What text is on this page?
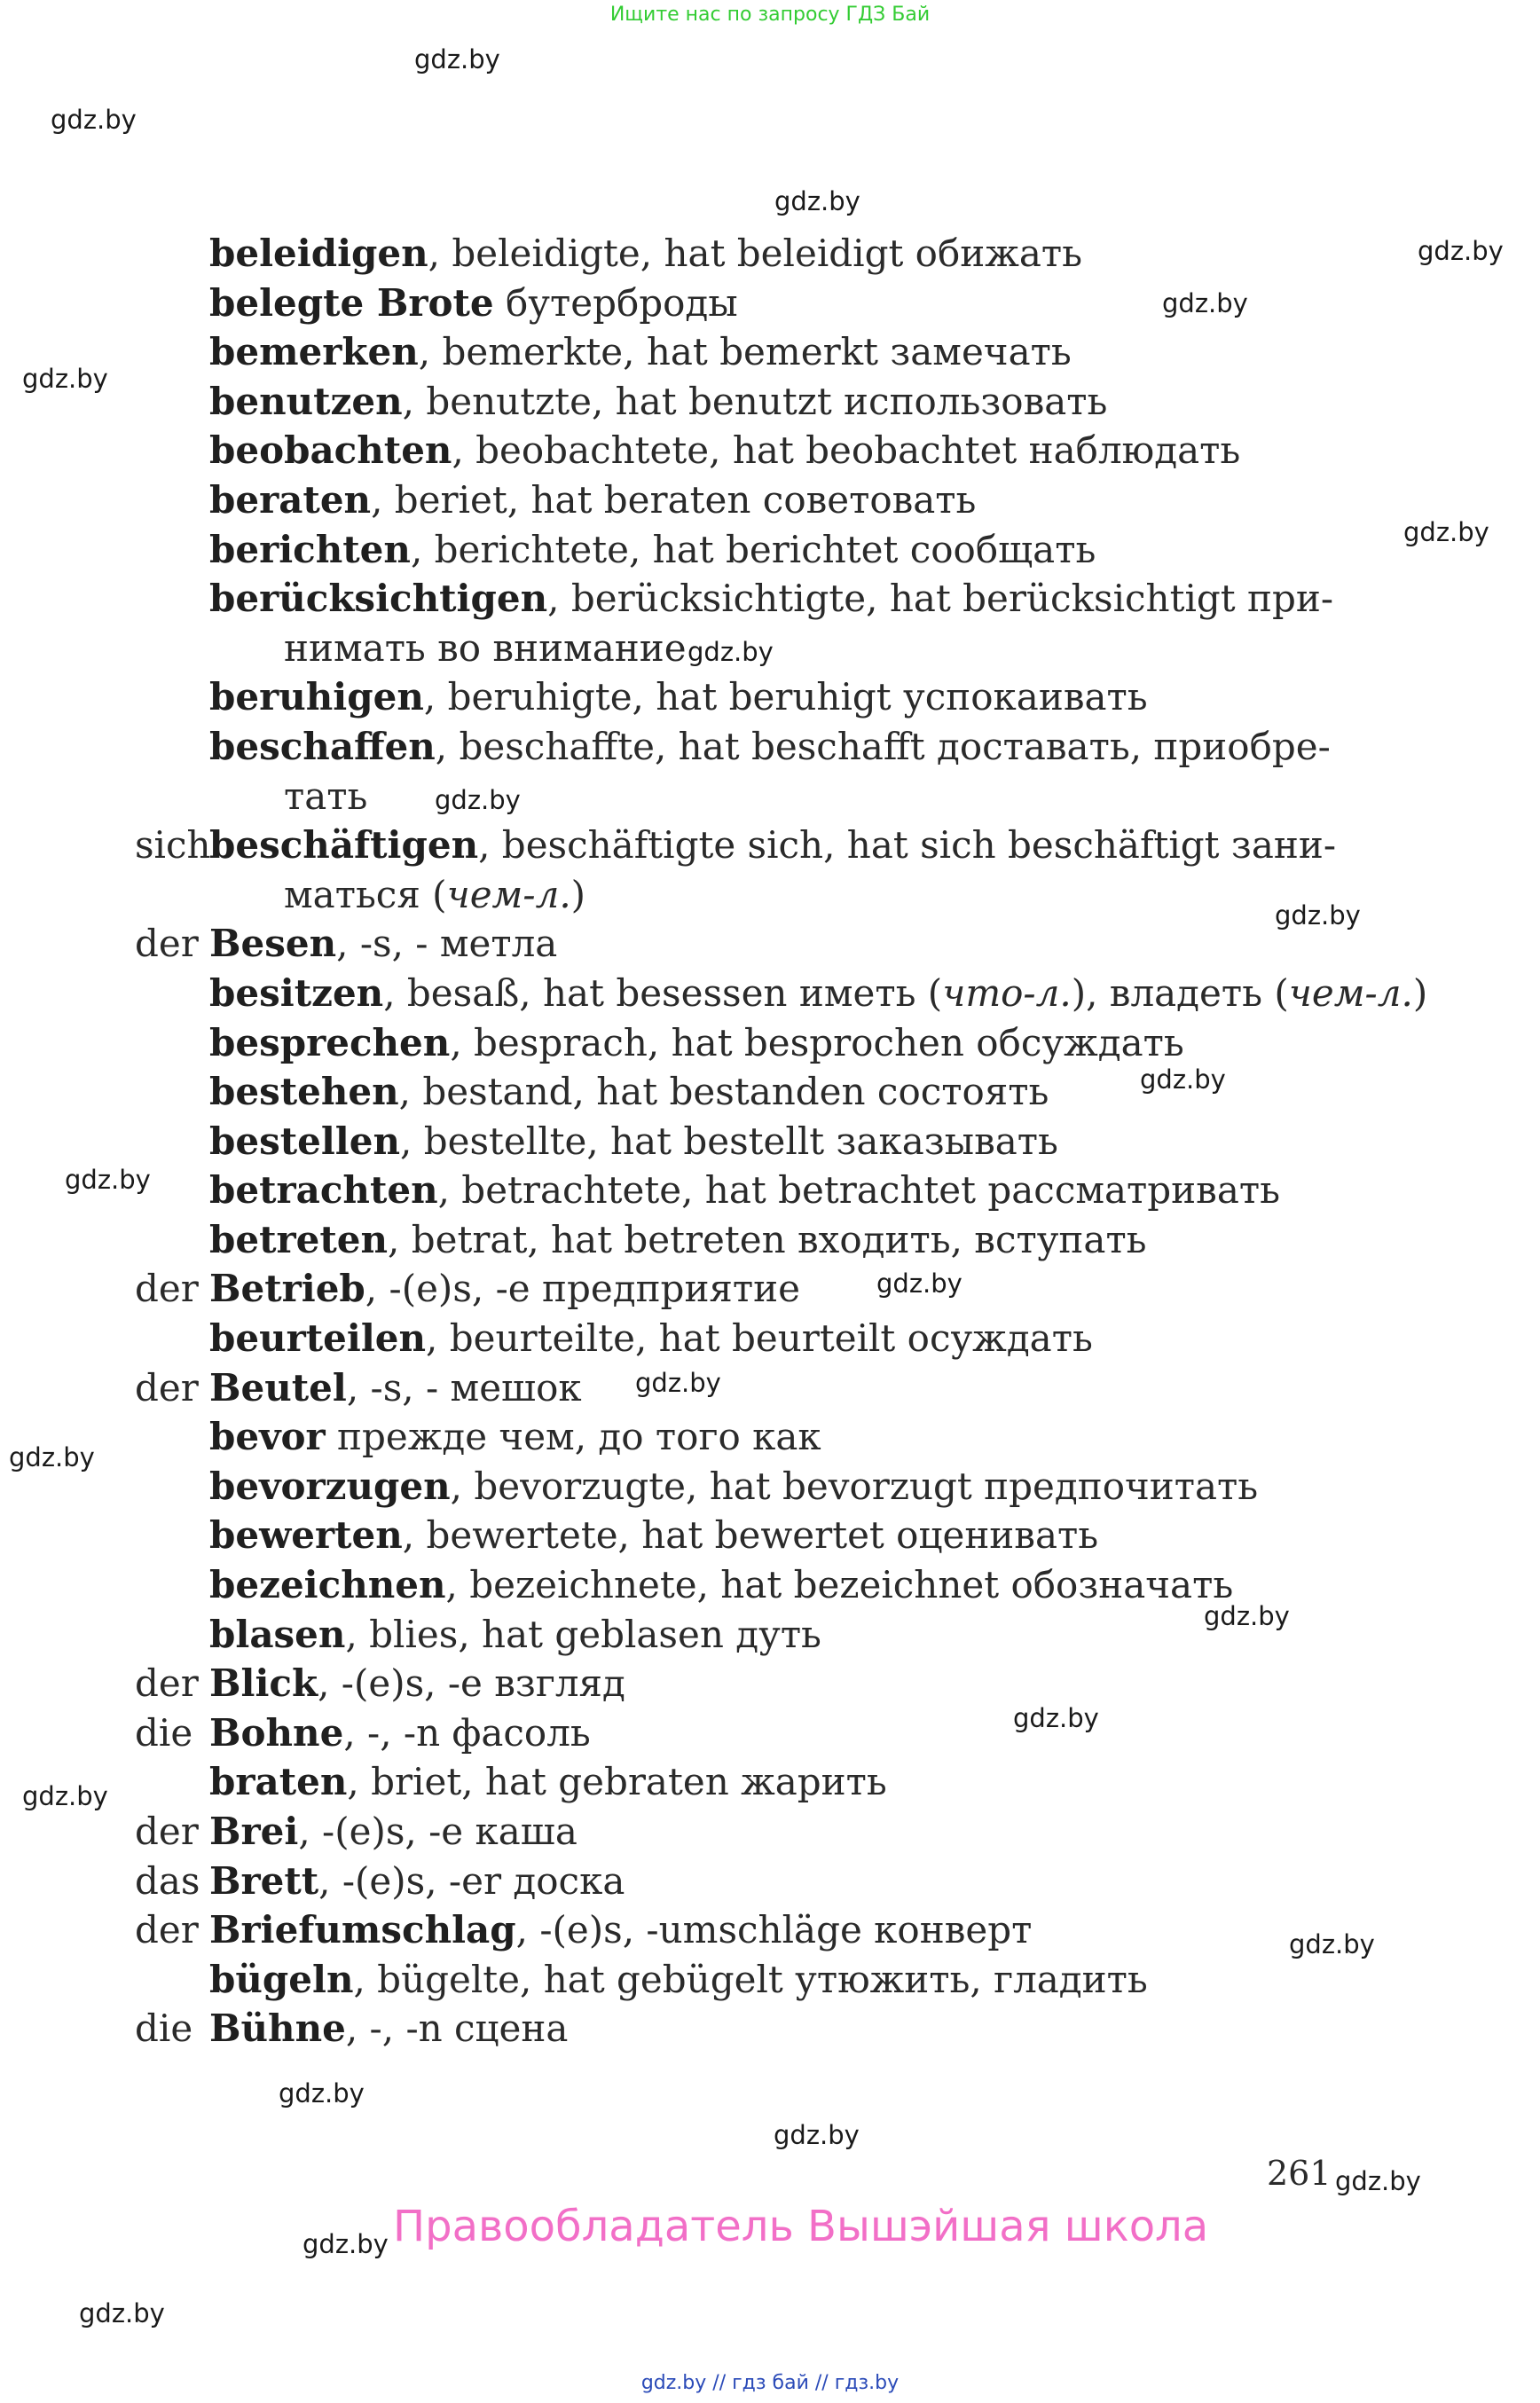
Ищите нас по запросу ГДЗ Бай
gdz.by
gdz.by
gdz.by
gdz.by
gdz.by
gdz.by
gdz.by
gdz.by
gdz.by
gdz.by
gdz.by
gdz.by
gdz.by
gdz.by
gdz.by
gdz.by
gdz.by
gdz.by
gdz.by
gdz.by
gdz.by
gdz.by
gdz.by
gdz.by
beleidigen, beleidigte, hat beleidigt обижать
belegte Brote бутерброды
bemerken, bemerkte, hat bemerkt замечать
benutzen, benutzte, hat benutzt использовать
beobachten, beobachtete, hat beobachtet наблюдать
beraten, beriet, hat beraten советовать
berichten, berichtete, hat berichtet сообщать
berücksichtigen, berücksichtigte, hat berücksichtigt при-
нимать во внимание
beruhigen, beruhigte, hat beruhigt успокаивать
beschaffen, beschaffte, hat beschafft доставать, приобре-
тать
sichbeschäftigen, beschäftigte sich, hat sich beschäftigt зани-
маться (чем-л.)
der Besen, -s, - метла
besitzen, besaß, hat besessen иметь (что-л.), владеть (чем-л.)
besprechen, besprach, hat besprochen обсуждать
bestehen, bestand, hat bestanden состоять
bestellen, bestellte, hat bestellt заказывать
betrachten, betrachtete, hat betrachtet рассматривать
betreten, betrat, hat betreten входить, вступать
der Betrieb, -(e)s, -e предприятие
beurteilen, beurteilte, hat beurteilt осуждать
der Beutel, -s, - мешок
bevor прежде чем, до того как
bevorzugen, bevorzugte, hat bevorzugt предпочитать
bewerten, bewertete, hat bewertet оценивать
bezeichnen, bezeichnete, hat bezeichnet обозначать
blasen, blies, hat geblasen дуть
der Blick, -(e)s, -e взгляд
die Bohne, -, -n фасоль
braten, briet, hat gebraten жарить
der Brei, -(e)s, -e каша
das Brett, -(e)s, -er доска
der Briefumschlag, -(e)s, -umschläge конверт
bügeln, bügelte, hat gebügelt утюжить, гладить
die Bühne, -, -n сцена
261
Правообладатель Вышэйшая школа
gdz.by // гдз бай // гдз.by
